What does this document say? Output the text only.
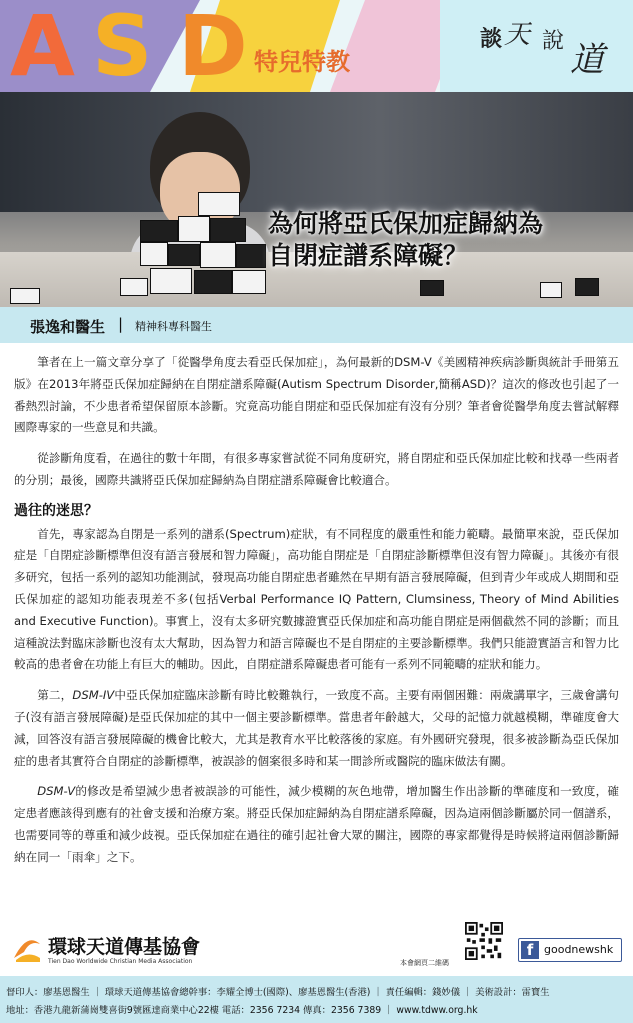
A S D 特兒特教
談 天 說 道
為何將亞氏保加症歸納為
自閉症譜系障礙？
張逸和醫生 | 精神科專科醫生

筆者在上一篇文章分享了「從醫學角度去看亞氏保加症」，為何最新的DSM-V《美國精神疾病診斷與統計手冊第五版》在2013年將亞氏保加症歸納在自閉症譜系障礙(Autism Spectrum Disorder,簡稱ASD)？這次的修改也引起了一番熱烈討論，不少患者希望保留原本診斷。究竟高功能自閉症和亞氏保加症有沒有分別？筆者會從醫學角度去嘗試解釋國際專家的一些意見和共識。

從診斷角度看，在過往的數十年間，有很多專家嘗試從不同角度研究，將自閉症和亞氏保加症比較和找尋一些兩者的分別；最後，國際共識將亞氏保加症歸納為自閉症譜系障礙會比較適合。

過往的迷思？

首先，專家認為自閉是一系列的譜系(Spectrum)症狀，有不同程度的嚴重性和能力範疇。最簡單來說，亞氏保加症是「自閉症診斷標準但沒有語言發展和智力障礙」，高功能自閉症是「自閉症診斷標準但沒有智力障礙」。其後亦有很多研究，包括一系列的認知功能測試，發現高功能自閉症患者雖然在早期有語言發展障礙，但到青少年或成人期間和亞氏保加症的認知功能表現差不多(包括Verbal Performance IQ Pattern, Clumsiness, Theory of Mind Abilities and Executive Function)。事實上，沒有太多研究數據證實亞氏保加症和高功能自閉症是兩個截然不同的診斷；而且這種說法對臨床診斷也沒有太大幫助，因為智力和語言障礙也不是自閉症的主要診斷標準。我們只能證實語言和智力比較高的患者會在功能上有巨大的輔助。因此，自閉症譜系障礙患者可能有一系列不同範疇的症狀和能力。

第二，DSM-IV中亞氏保加症臨床診斷有時比較難執行，一致度不高。主要有兩個困難：兩歲講單字，三歲會講句子(沒有語言發展障礙)是亞氏保加症的其中一個主要診斷標準。當患者年齡越大，父母的記憶力就越模糊，準確度會大減，回答沒有語言發展障礙的機會比較大，尤其是教育水平比較落後的家庭。有外國研究發現，很多被診斷為亞氏保加症的患者其實符合自閉症的診斷標準，被誤診的個案很多時和某一間診所或醫院的臨床做法有關。

DSM-V的修改是希望減少患者被誤診的可能性，減少模糊的灰色地帶，增加醫生作出診斷的準確度和一致度，確定患者應該得到應有的社會支援和治療方案。將亞氏保加症歸納為自閉症譜系障礙，因為這兩個診斷屬於同一個譜系，也需要同等的尊重和減少歧視。亞氏保加症在過往的確引起社會大眾的關注，國際的專家都覺得是時候將這兩個診斷歸納在同一「雨傘」之下。

環球天道傳基協會
Tien Dao Worldwide Christian Media Association	本會網頁二維碼
f goodnewshk
督印人：廖基恩醫生 ｜ 環球天道傳基協會總幹事：李耀全博士(國際)、廖基恩醫生(香港) ｜ 責任編輯：錢妙儀 ｜ 美術設計：雷寶生
地址：香港九龍新蒲崗雙喜街9號匯達商業中心22樓 電話：2356 7234 傳真：2356 7389 ｜ www.tdww.org.hk
